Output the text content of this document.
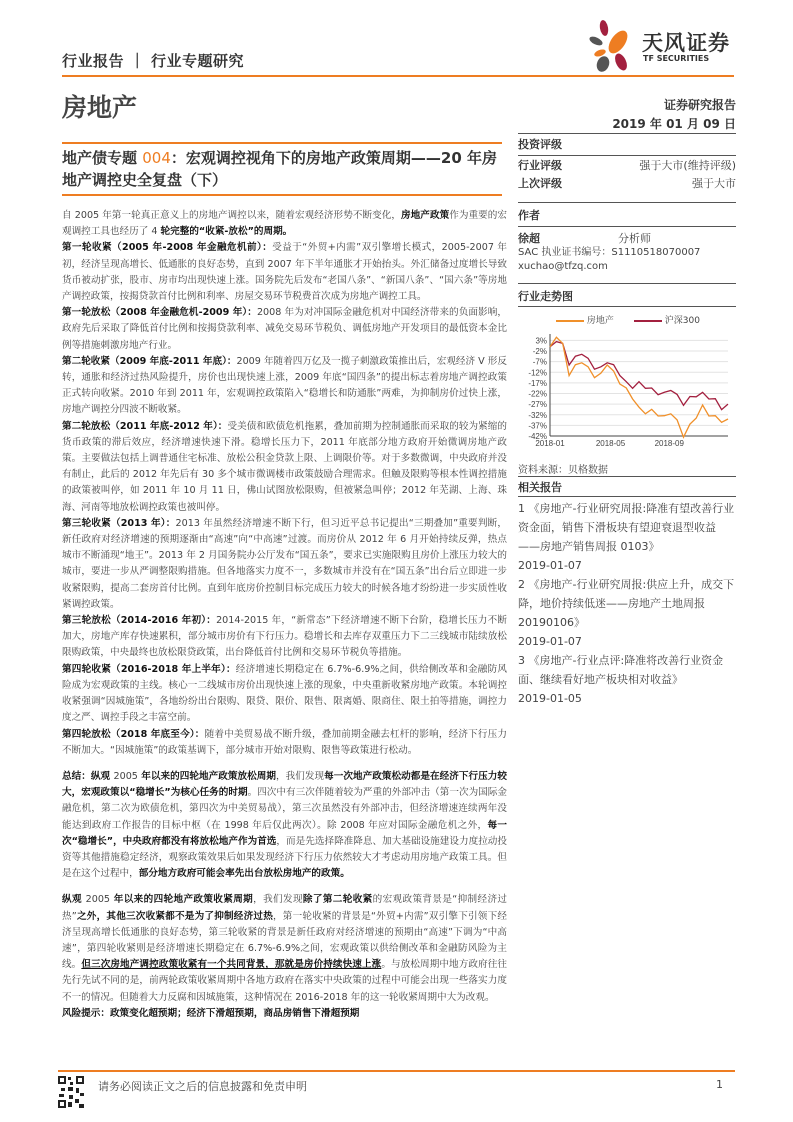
行业报告 ｜ 行业专题研究
天风证券
TF SECURITIES
房地产	证券研究报告
2019 年 01 月 09 日
地产债专题 004：宏观调控视角下的房地产政策周期——20 年房地产调控史全复盘（下）

自 2005 年第一轮真正意义上的房地产调控以来，随着宏观经济形势不断变化，房地产政策作为重要的宏观调控工具也经历了 4 轮完整的“收紧-放松”的周期。

第一轮收紧（2005 年-2008 年金融危机前）：受益于“外贸+内需”双引擎增长模式，2005-2007 年初，经济呈现高增长、低通胀的良好态势，直到 2007 年下半年通胀才开始抬头。外汇储备过度增长导致货币被动扩张，股市、房市均出现快速上涨。国务院先后发布“老国八条”、“新国八条”、“国六条”等房地产调控政策，按揭贷款首付比例和利率、房屋交易环节税费首次成为房地产调控工具。

第一轮放松（2008 年金融危机-2009 年）：2008 年为对冲国际金融危机对中国经济带来的负面影响，政府先后采取了降低首付比例和按揭贷款利率、减免交易环节税负、调低房地产开发项目的最低资本金比例等措施刺激房地产行业。

第二轮收紧（2009 年底-2011 年底）：2009 年随着四万亿及一揽子刺激政策推出后，宏观经济 V 形反转，通胀和经济过热风险提升，房价也出现快速上涨，2009 年底“国四条”的提出标志着房地产调控政策正式转向收紧。2010 年到 2011 年，宏观调控政策陷入“稳增长和防通胀”两难，为抑制房价过快上涨，房地产调控分四波不断收紧。

第二轮放松（2011 年底-2012 年）：受美债和欧债危机拖累，叠加前期为控制通胀而采取的较为紧缩的货币政策的滞后效应，经济增速快速下滑。稳增长压力下，2011 年底部分地方政府开始微调房地产政策。主要做法包括上调普通住宅标准、放松公积金贷款上限、上调限价等。对于多数微调，中央政府并没有制止，此后的 2012 年先后有 30 多个城市微调楼市政策鼓励合理需求。但触及限购等根本性调控措施的政策被叫停，如 2011 年 10 月 11 日，佛山试图放松限购，但被紧急叫停；2012 年芜湖、上海、珠海、河南等地放松调控政策也被叫停。

第三轮收紧（2013 年）：2013 年虽然经济增速不断下行，但习近平总书记提出“三期叠加”重要判断，新任政府对经济增速的预期逐渐由“高速”向“中高速”过渡。而房价从 2012 年 6 月开始持续反弹，热点城市不断涌现“地王”。2013 年 2 月国务院办公厅发布“国五条”，要求已实施限购且房价上涨压力较大的城市，要进一步从严调整限购措施。但各地落实力度不一，多数城市并没有在“国五条”出台后立即进一步收紧限购，提高二套房首付比例。直到年底房价控制目标完成压力较大的时候各地才纷纷进一步实质性收紧调控政策。

第三轮放松（2014-2016 年初）：2014-2015 年，“新常态”下经济增速不断下台阶，稳增长压力不断加大，房地产库存快速累积，部分城市房价有下行压力。稳增长和去库存双重压力下二三线城市陆续放松限购政策，中央最终也放松限贷政策，出台降低首付比例和交易环节税负等措施。

第四轮收紧（2016-2018 年上半年）：经济增速长期稳定在 6.7%-6.9%之间，供给侧改革和金融防风险成为宏观政策的主线。核心一二线城市房价出现快速上涨的现象，中央重新收紧房地产政策。本轮调控收紧强调“因城施策”，各地纷纷出台限购、限贷、限价、限售、限离婚、限商住、限土拍等措施，调控力度之严、调控手段之丰富空前。

第四轮放松（2018 年底至今）：随着中美贸易战不断升级，叠加前期金融去杠杆的影响，经济下行压力不断加大。“因城施策”的政策基调下，部分城市开始对限购、限售等政策进行松动。

总结：纵观 2005 年以来的四轮地产政策放松周期，我们发现每一次地产政策松动都是在经济下行压力较大，宏观政策以“稳增长”为核心任务的时期。四次中有三次伴随着较为严重的外部冲击（第一次为国际金融危机，第二次为欧债危机，第四次为中美贸易战），第三次虽然没有外部冲击，但经济增速连续两年没能达到政府工作报告的目标中枢（在 1998 年后仅此两次）。除 2008 年应对国际金融危机之外，每一次“稳增长”，中央政府都没有将放松地产作为首选，而是先选择降准降息、加大基础设施建设力度拉动投资等其他措施稳定经济，观察政策效果后如果发现经济下行压力依然较大才考虑动用房地产政策工具。但是在这个过程中，部分地方政府可能会率先出台放松房地产的政策。

纵观 2005 年以来的四轮地产政策收紧周期，我们发现除了第二轮收紧的宏观政策背景是“抑制经济过热”之外，其他三次收紧都不是为了抑制经济过热，第一轮收紧的背景是“外贸+内需”双引擎下引领下经济呈现高增长低通胀的良好态势，第三轮收紧的背景是新任政府对经济增速的预期由“高速”下调为“中高速”，第四轮收紧则是经济增速长期稳定在 6.7%-6.9%之间，宏观政策以供给侧改革和金融防风险为主线。但三次房地产调控政策收紧有一个共同背景，那就是房价持续快速上涨。与放松周期中地方政府往往先行先试不同的是，前两轮政策收紧周期中各地方政府在落实中央政策的过程中可能会出现一些落实力度不一的情况。但随着大力反腐和因城施策，这种情况在 2016-2018 年的这一轮收紧周期中大为改观。

风险提示：政策变化超预期；经济下滑超预期，商品房销售下滑超预期

投资评级
行业评级	强于大市(维持评级)
上次评级	强于大市
作者
徐超	分析师
SAC 执业证书编号：S1110518070007
xuchao@tfzq.com
行业走势图
房地产	沪深300
3%
-2%
-7%
-12%
-17%
-22%
-27%
-32%
-37%
-42%
2018-01	2018-05	2018-09
资料来源：贝格数据
相关报告
1 《房地产-行业研究周报:降准有望改善行业资金面，销售下滑板块有望迎衰退型收益——房地产销售周报 0103》
2019-01-07
2 《房地产-行业研究周报:供应上升，成交下降，地价持续低迷——房地产土地周报 20190106》
2019-01-07
3 《房地产-行业点评:降准将改善行业资金面、继续看好地产板块相对收益》
2019-01-05
请务必阅读正文之后的信息披露和免责申明	1
